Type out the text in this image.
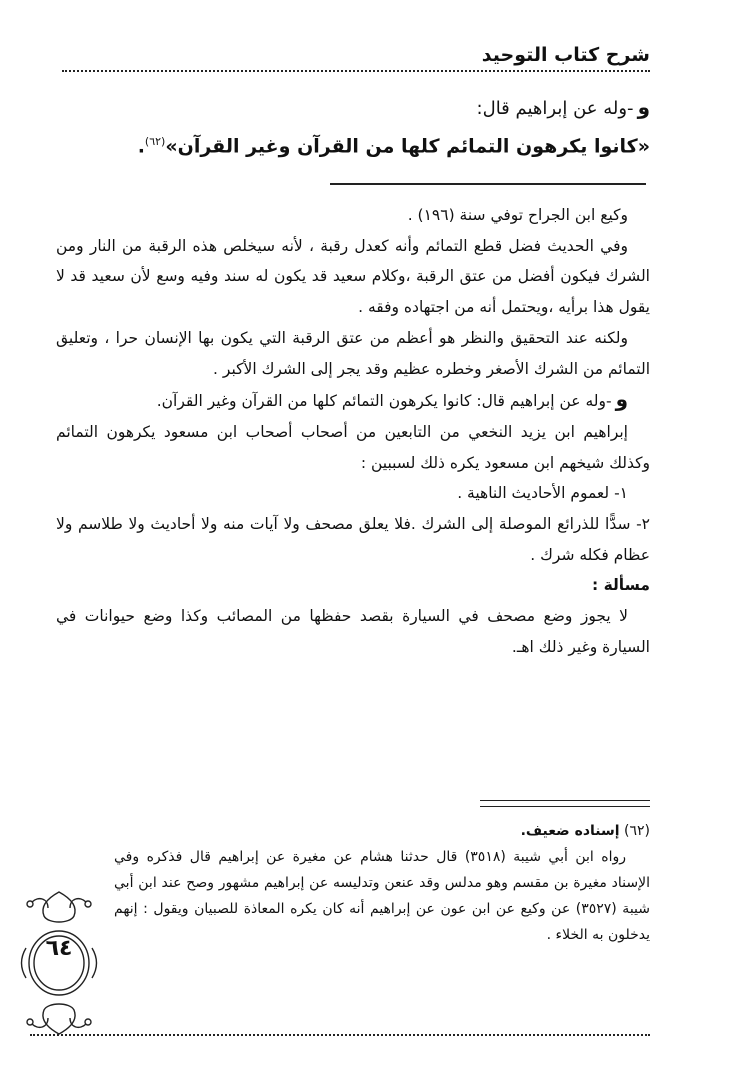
شرح كتاب التوحيد
و-وله عن إبراهيم قال:
«كانوا يكرهون التمائم كلها من القرآن وغير القرآن»$^{(٦٢)}$.

وكيع ابن الجراح توفي سنة (١٩٦) .

وفي الحديث فضل قطع التمائم وأنه كعدل رقبة ، لأنه سيخلص هذه الرقبة من النار ومن الشرك فيكون أفضل من عتق الرقبة ،وكلام سعيد قد يكون له سند وفيه وسع لأن سعيد قد لا يقول هذا برأيه ،ويحتمل أنه من اجتهاده وفقه .

ولكنه عند التحقيق والنظر هو أعظم من عتق الرقبة التي يكون بها الإنسان حرا ، وتعليق التمائم من الشرك الأصغر وخطره عظيم وقد يجر إلى الشرك الأكبر .

و-وله عن إبراهيم قال: كانوا يكرهون التمائم كلها من القرآن وغير القرآن.

إبراهيم ابن يزيد النخعي من التابعين من أصحاب أصحاب ابن مسعود يكرهون التمائم وكذلك شيخهم ابن مسعود يكره ذلك لسببين :

١- لعموم الأحاديث الناهية .

٢- سدًّا للذرائع الموصلة إلى الشرك .فلا يعلق مصحف ولا آيات منه ولا أحاديث ولا طلاسم ولا عظام فكله شرك .

مسألة :

لا يجوز وضع مصحف في السيارة بقصد حفظها من المصائب وكذا وضع حيوانات في السيارة وغير ذلك اهـ.

(٦٢) إسناده ضعيف.

رواه ابن أبي شيبة (٣٥١٨) قال حدثنا هشام عن مغيرة عن إبراهيم قال فذكره وفي الإسناد مغيرة بن مقسم وهو مدلس وقد عنعن وتدليسه عن إبراهيم مشهور وصح عند ابن أبي شيبة (٣٥٢٧) عن وكيع عن ابن عون عن إبراهيم أنه كان يكره المعاذة للصبيان ويقول : إنهم يدخلون به الخلاء .

٦٤
